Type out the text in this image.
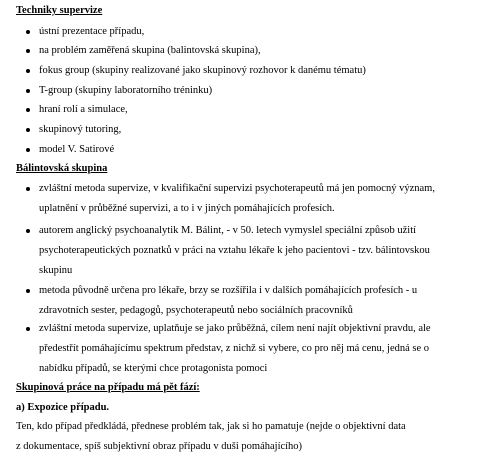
Techniky supervize
ústní prezentace případu,
na problém zaměřená skupina (balintovská skupina),
fokus group (skupiny realizované jako skupinový rozhovor k danému tématu)
T-group (skupiny laboratorního tréninku)
hraní rolí a simulace,
skupinový tutoring,
model V. Satirové
Bálintovská skupina
zvláštní metoda supervize, v kvalifikační supervizi psychoterapeutů má jen pomocný význam,
uplatnění v průběžné supervizi, a to i v jiných pomáhajících profesích.
autorem anglický psychoanalytik M. Bálint, - v 50. letech vymyslel speciální způsob užití
psychoterapeutických poznatků v práci na vztahu lékaře k jeho pacientovi - tzv. bálintovskou
skupinu
metoda původně určena pro lékaře, brzy se rozšířila i v dalších pomáhajících profesích - u
zdravotních sester, pedagogů, psychoterapeutů nebo sociálních pracovníků
zvláštní metoda supervize, uplatňuje se jako průběžná, cílem není najít objektivní pravdu, ale
předestřít pomáhajícímu spektrum představ, z nichž si vybere, co pro něj má cenu, jedná se o
nabídku případů, se kterými chce protagonista pomoci
Skupinová práce na případu má pět fází:
a) Expozice případu.
Ten, kdo případ předkládá, přednese problém tak, jak si ho pamatuje (nejde o objektivní data
z dokumentace, spíš subjektivní obraz případu v duši pomáhajícího)
